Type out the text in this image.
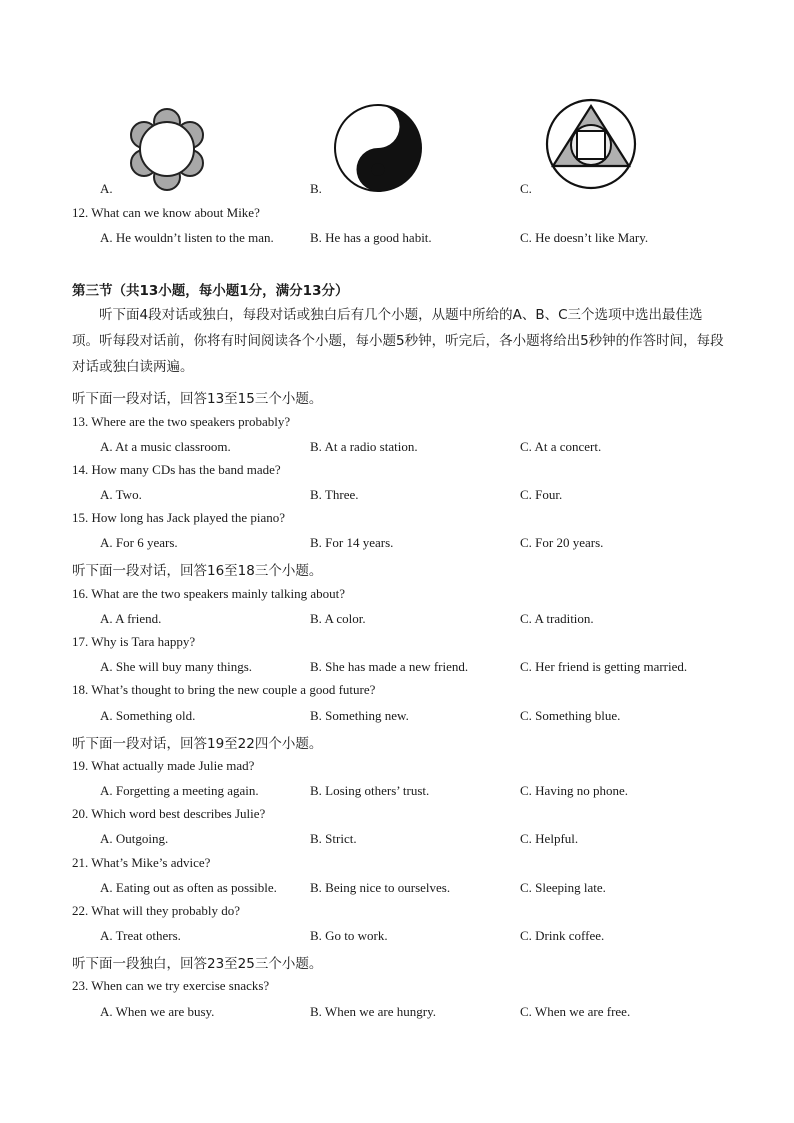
A.	B.	C.
12. What can we know about Mike?
A. He wouldn’t listen to the man.	B. He has a good habit.	C. He doesn’t like Mary.
第三节（共13小题，每小题1分，满分13分）
听下面4段对话或独白，每段对话或独白后有几个小题，从题中所给的A、B、C三个选项中选出最佳选项。听每段对话前，你将有时间阅读各个小题，每小题5秒钟，听完后，各小题将给出5秒钟的作答时间，每段对话或独白读两遍。
听下面一段对话，回答13至15三个小题。
13. Where are the two speakers probably?
A. At a music classroom.	B. At a radio station.	C. At a concert.
14. How many CDs has the band made?
A. Two.	B. Three.	C. Four.
15. How long has Jack played the piano?
A. For 6 years.	B. For 14 years.	C. For 20 years.
听下面一段对话，回答16至18三个小题。
16. What are the two speakers mainly talking about?
A. A friend.	B. A color.	C. A tradition.
17. Why is Tara happy?
A. She will buy many things.	B. She has made a new friend.	C. Her friend is getting married.
18. What’s thought to bring the new couple a good future?
A. Something old.	B. Something new.	C. Something blue.
听下面一段对话，回答19至22四个小题。
19. What actually made Julie mad?
A. Forgetting a meeting again.	B. Losing others’ trust.	C. Having no phone.
20. Which word best describes Julie?
A. Outgoing.	B. Strict.	C. Helpful.
21. What’s Mike’s advice?
A. Eating out as often as possible.	B. Being nice to ourselves.	C. Sleeping late.
22. What will they probably do?
A. Treat others.	B. Go to work.	C. Drink coffee.
听下面一段独白，回答23至25三个小题。
23. When can we try exercise snacks?
A. When we are busy.	B. When we are hungry.	C. When we are free.
